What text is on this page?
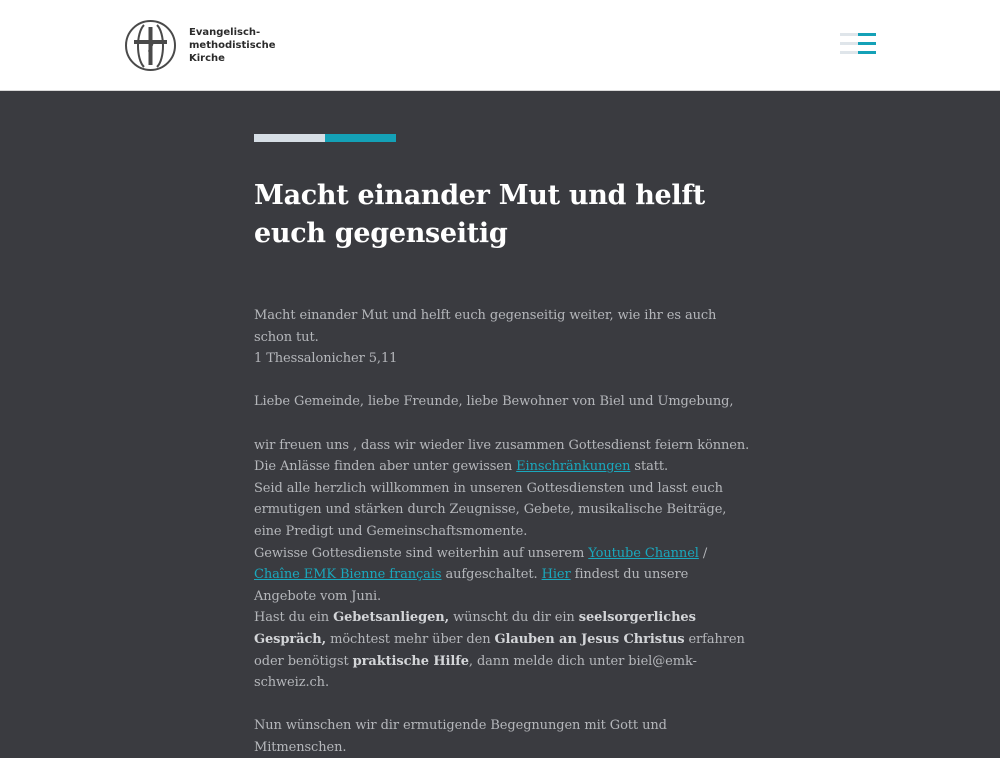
Evangelisch-
methodistische
Kirche
Macht einander Mut und helft euch gegenseitig

Macht einander Mut und helft euch gegenseitig weiter, wie ihr es auch schon tut.

1 Thessalonicher 5,11

Liebe Gemeinde, liebe Freunde, liebe Bewohner von Biel und Umgebung,

wir freuen uns , dass wir wieder live zusammen Gottesdienst feiern können.

Die Anlässe finden aber unter gewissen Einschränkungen statt.

Seid alle herzlich willkommen in unseren Gottesdiensten und lasst euch ermutigen und stärken durch Zeugnisse, Gebete, musikalische Beiträge, eine Predigt und Gemeinschaftsmomente.

Gewisse Gottesdienste sind weiterhin auf unserem Youtube Channel / Chaîne EMK Bienne français aufgeschaltet. Hier findest du unsere Angebote vom Juni.

Hast du ein Gebetsanliegen, wünscht du dir ein seelsorgerliches Gespräch, möchtest mehr über den Glauben an Jesus Christus erfahren oder benötigst praktische Hilfe, dann melde dich unter biel@emk-schweiz.ch.

Nun wünschen wir dir ermutigende Begegnungen mit Gott und Mitmenschen.
